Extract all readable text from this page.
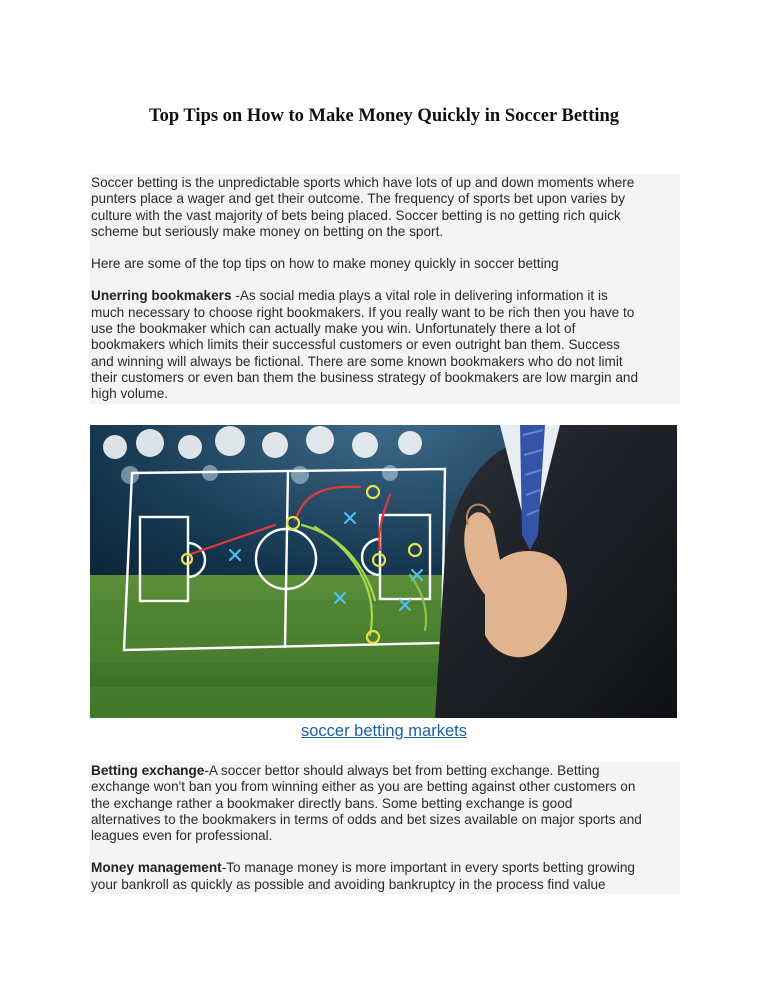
Top Tips on How to Make Money Quickly in Soccer Betting

Soccer betting is the unpredictable sports which have lots of up and down moments where

punters place a wager and get their outcome. The frequency of sports bet upon varies by

culture with the vast majority of bets being placed. Soccer betting is no getting rich quick

scheme but seriously make money on betting on the sport.

Here are some of the top tips on how to make money quickly in soccer betting

Unerring bookmakers -As social media plays a vital role in delivering information it is

much necessary to choose right bookmakers. If you really want to be rich then you have to

use the bookmaker which can actually make you win. Unfortunately there a lot of

bookmakers which limits their successful customers or even outright ban them. Success

and winning will always be fictional. There are some known bookmakers who do not limit

their customers or even ban them the business strategy of bookmakers are low margin and

high volume.

soccer betting markets

Betting exchange-A soccer bettor should always bet from betting exchange. Betting

exchange won't ban you from winning either as you are betting against other customers on

the exchange rather a bookmaker directly bans. Some betting exchange is good

alternatives to the bookmakers in terms of odds and bet sizes available on major sports and

leagues even for professional.

Money management-To manage money is more important in every sports betting growing

your bankroll as quickly as possible and avoiding bankruptcy in the process find value
